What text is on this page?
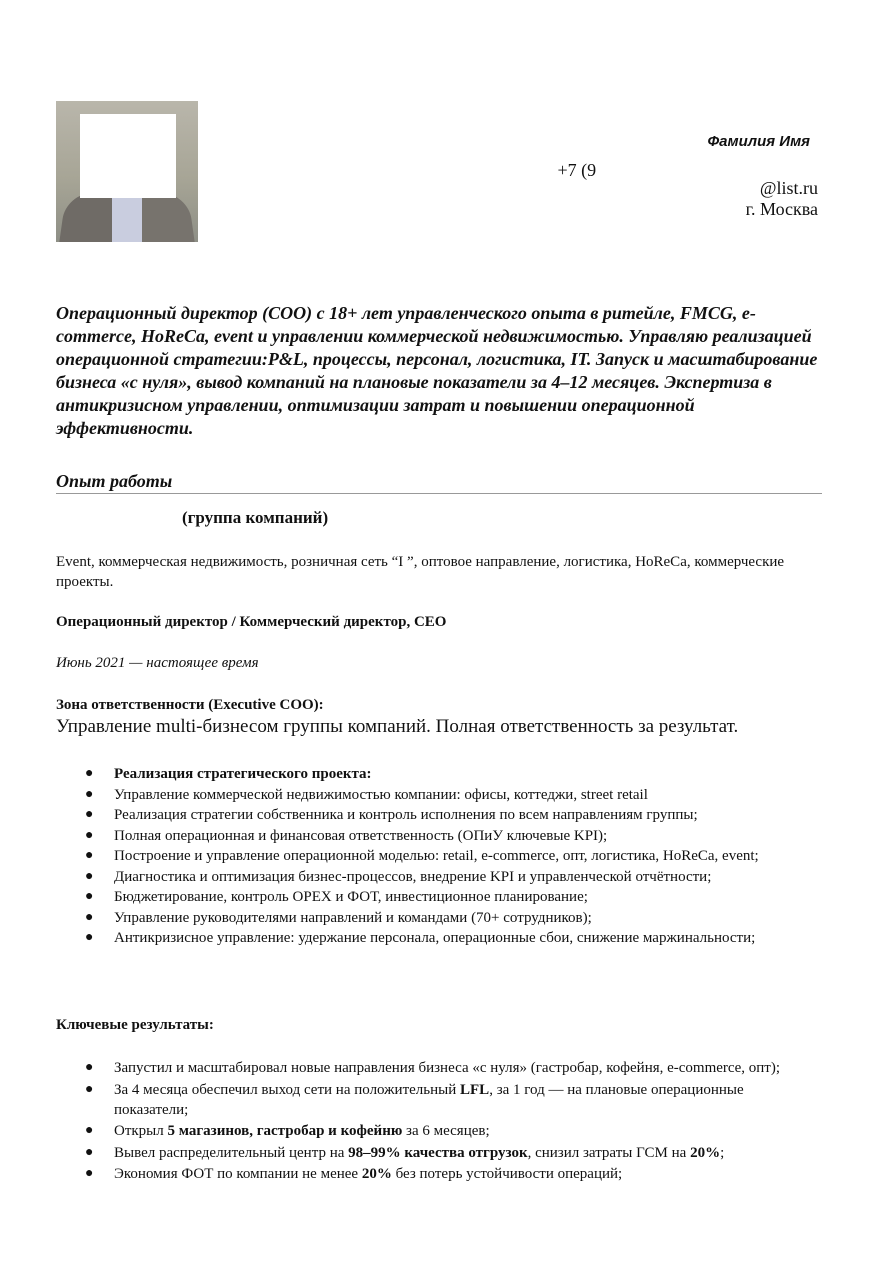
Фамилия Имя
+7 (9
@list.ru
г. Москва
Операционный директор (COO) с 18+ лет управленческого опыта в ритейле, FMCG, e-commerce, HoReCa, event и управлении коммерческой недвижимостью. Управляю реализацией операционной стратегии:P&L, процессы, персонал, логистика, IT. Запуск и масштабирование бизнеса «с нуля», вывод компаний на плановые показатели за 4–12 месяцев. Экспертиза в антикризисном управлении, оптимизации затрат и повышении операционной эффективности.
Опыт работы
(группа компаний)
Event, коммерческая недвижимость, розничная сеть “I ”, оптовое направление, логистика, HoReCa, коммерческие проекты.
Операционный директор / Коммерческий директор, CEO
Июнь 2021 — настоящее время
Зона ответственности (Executive COO):
Управление multi-бизнесом группы компаний. Полная ответственность за результат.
● Реализация стратегического проекта:
● Управление коммерческой недвижимостью компании: офисы, коттеджи, street retail
● Реализация стратегии собственника и контроль исполнения по всем направлениям группы;
● Полная операционная и финансовая ответственность (ОПиУ ключевые KPI);
● Построение и управление операционной моделью: retail, e-commerce, опт, логистика, HoReCa, event;
● Диагностика и оптимизация бизнес-процессов, внедрение KPI и управленческой отчётности;
● Бюджетирование, контроль OPEX и ФОТ, инвестиционное планирование;
● Управление руководителями направлений и командами (70+ сотрудников);
● Антикризисное управление: удержание персонала, операционные сбои, снижение маржинальности;
Ключевые результаты:
● Запустил и масштабировал новые направления бизнеса «с нуля» (гастробар, кофейня, e-commerce, опт);
● За 4 месяца обеспечил выход сети на положительный LFL, за 1 год — на плановые операционные показатели;
● Открыл 5 магазинов, гастробар и кофейню за 6 месяцев;
● Вывел распределительный центр на 98–99% качества отгрузок, снизил затраты ГСМ на 20%;
● Экономия ФОТ по компании не менее 20% без потерь устойчивости операций;
